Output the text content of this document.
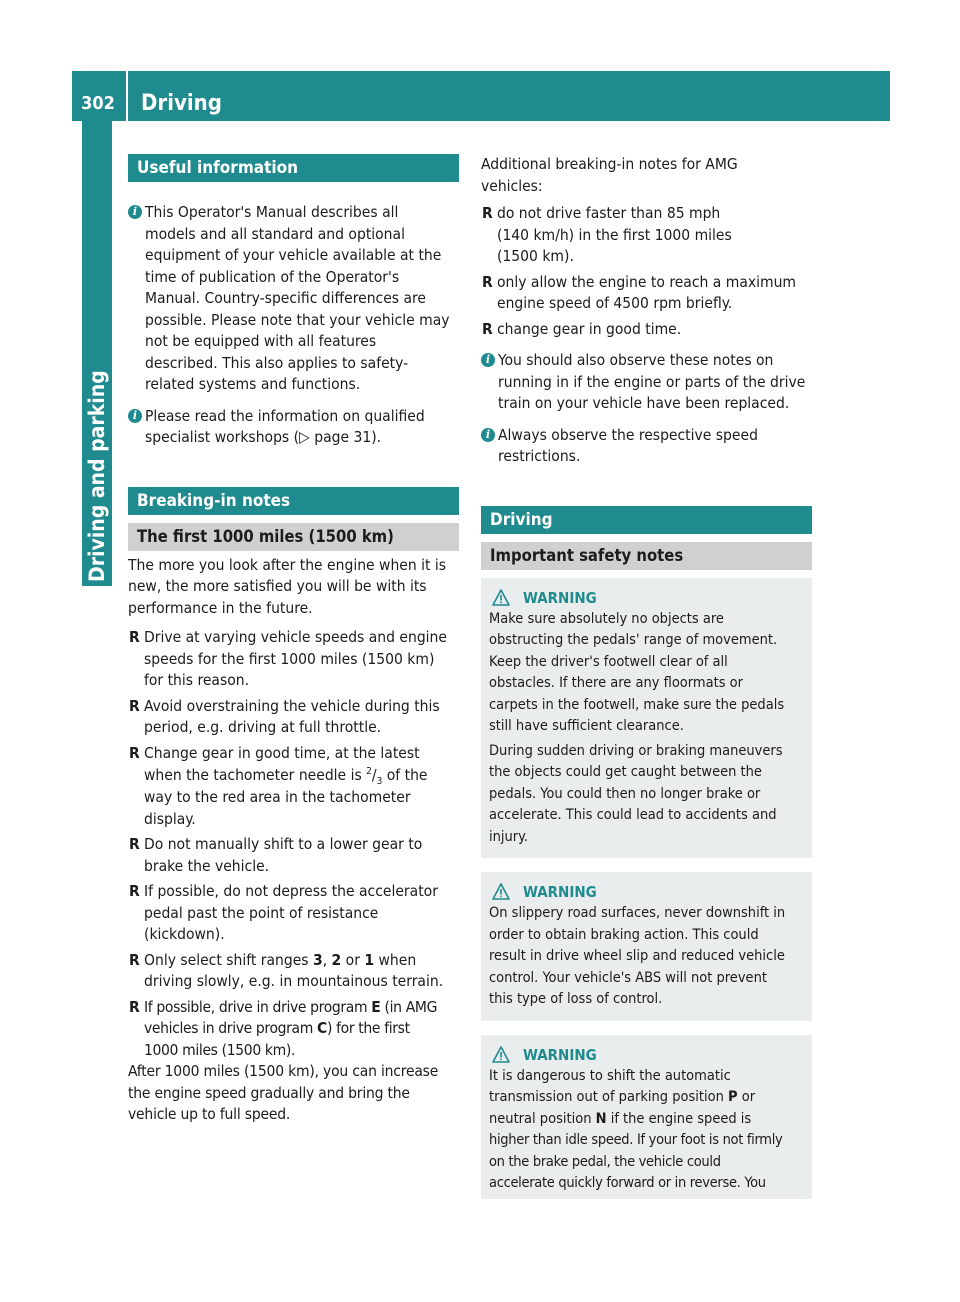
302	Driving
Driving and parking
Useful information
i This Operator's Manual describes all
models and all standard and optional
equipment of your vehicle available at the
time of publication of the Operator's
Manual. Country-specific differences are
possible. Please note that your vehicle may
not be equipped with all features
described. This also applies to safety-
related systems and functions.
i Please read the information on qualified
specialist workshops (▷ page 31).
Breaking-in notes
The first 1000 miles (1500 km)
The more you look after the engine when it is
new, the more satisfied you will be with its
performance in the future.
R Drive at varying vehicle speeds and engine
speeds for the first 1000 miles (1500 km)
for this reason.
R Avoid overstraining the vehicle during this
period, e.g. driving at full throttle.
R Change gear in good time, at the latest
when the tachometer needle is $^2/_3$ of the
way to the red area in the tachometer
display.
R Do not manually shift to a lower gear to
brake the vehicle.
R If possible, do not depress the accelerator
pedal past the point of resistance
(kickdown).
R Only select shift ranges 3, 2 or 1 when
driving slowly, e.g. in mountainous terrain.
R If possible, drive in drive program E (in AMG
vehicles in drive program C) for the first
1000 miles (1500 km).
After 1000 miles (1500 km), you can increase
the engine speed gradually and bring the
vehicle up to full speed.
Additional breaking-in notes for AMG
vehicles:
R do not drive faster than 85 mph
(140 km/h) in the first 1000 miles
(1500 km).
R only allow the engine to reach a maximum
engine speed of 4500 rpm briefly.
R change gear in good time.
i You should also observe these notes on
running in if the engine or parts of the drive
train on your vehicle have been replaced.
i Always observe the respective speed
restrictions.
Driving
Important safety notes
WARNING
Make sure absolutely no objects are
obstructing the pedals' range of movement.
Keep the driver's footwell clear of all
obstacles. If there are any floormats or
carpets in the footwell, make sure the pedals
still have sufficient clearance.
During sudden driving or braking maneuvers
the objects could get caught between the
pedals. You could then no longer brake or
accelerate. This could lead to accidents and
injury.
WARNING
On slippery road surfaces, never downshift in
order to obtain braking action. This could
result in drive wheel slip and reduced vehicle
control. Your vehicle's ABS will not prevent
this type of loss of control.
WARNING
It is dangerous to shift the automatic
transmission out of parking position P or
neutral position N if the engine speed is
higher than idle speed. If your foot is not firmly
on the brake pedal, the vehicle could
accelerate quickly forward or in reverse. You
